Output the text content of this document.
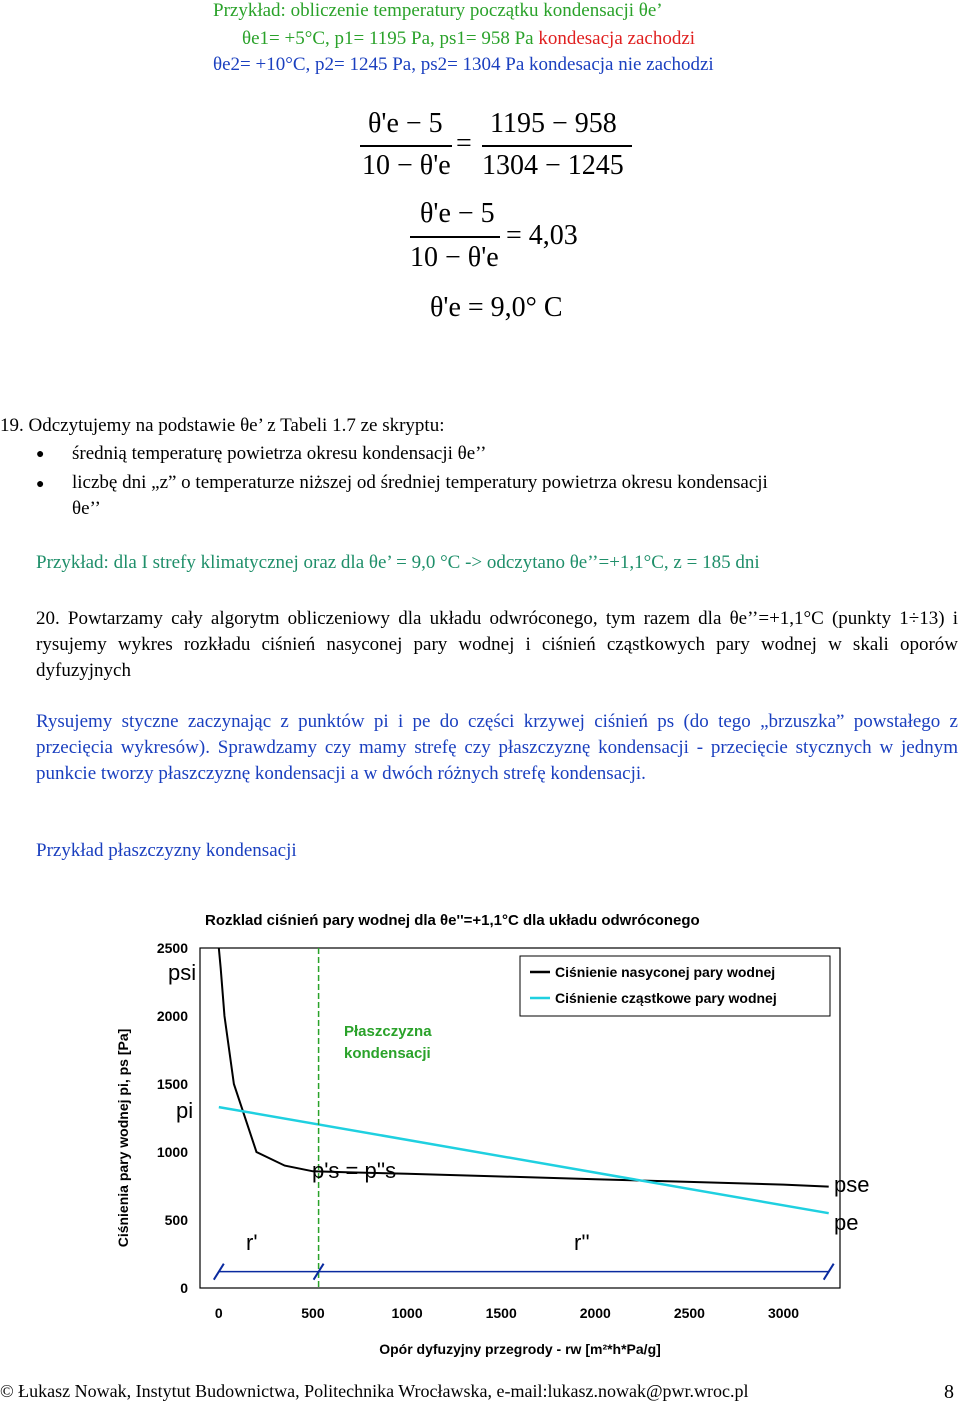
Przykład: obliczenie temperatury początku kondensacji θe’
θe1= +5°C, p1= 1195 Pa, ps1= 958 Pa kondesacja zachodzi
θe2= +10°C, p2= 1245 Pa, ps2= 1304 Pa kondesacja nie zachodzi
θ'e − 5
10 − θ'e
=
1195 − 958
1304 − 1245
θ'e − 5
10 − θ'e
= 4,03
θ'e = 9,0° C
19. Odczytujemy na podstawie θe’ z Tabeli 1.7 ze skryptu:
● średnią temperaturę powietrza okresu kondensacji θe’’
● liczbę dni „z” o temperaturze niższej od średniej temperatury powietrza okresu kondensacji
θe’’
Przykład: dla I strefy klimatycznej oraz dla θe’ = 9,0 °C -> odczytano θe’’=+1,1°C, z = 185 dni
20. Powtarzamy cały algorytm obliczeniowy dla układu odwróconego, tym razem dla θe’’=+1,1°C (punkty 1÷13) i rysujemy wykres rozkładu ciśnień nasyconej pary wodnej i ciśnień cząstkowych pary wodnej w skali oporów dyfuzyjnych
Rysujemy styczne zaczynając z punktów pi i pe do części krzywej ciśnień ps (do tego „brzuszka” powstałego z przecięcia wykresów). Sprawdzamy czy mamy strefę czy płaszczyznę kondensacji - przecięcie stycznych w jednym punkcie tworzy płaszczyznę kondensacji a w dwóch różnych strefę kondensacji.
Przykład płaszczyzny kondensacji
Rozklad ciśnień pary wodnej dla θe''=+1,1°C dla układu odwróconego
0
500
1000
1500
2000
2500
0	500	1000	1500	2000	2500	3000
Opór dyfuzyjny przegrody - rw [m²*h*Pa/g]
Ciśnienia pary wodnej pi, ps [Pa]
Ciśnienie nasyconej pary wodnej
Ciśnienie cząstkowe pary wodnej
psi
pi
p's = p''s
pse
pe
r'	r''
Płaszczyzna
kondensacji
© Łukasz Nowak, Instytut Budownictwa, Politechnika Wrocławska, e-mail:lukasz.nowak@pwr.wroc.pl	8
